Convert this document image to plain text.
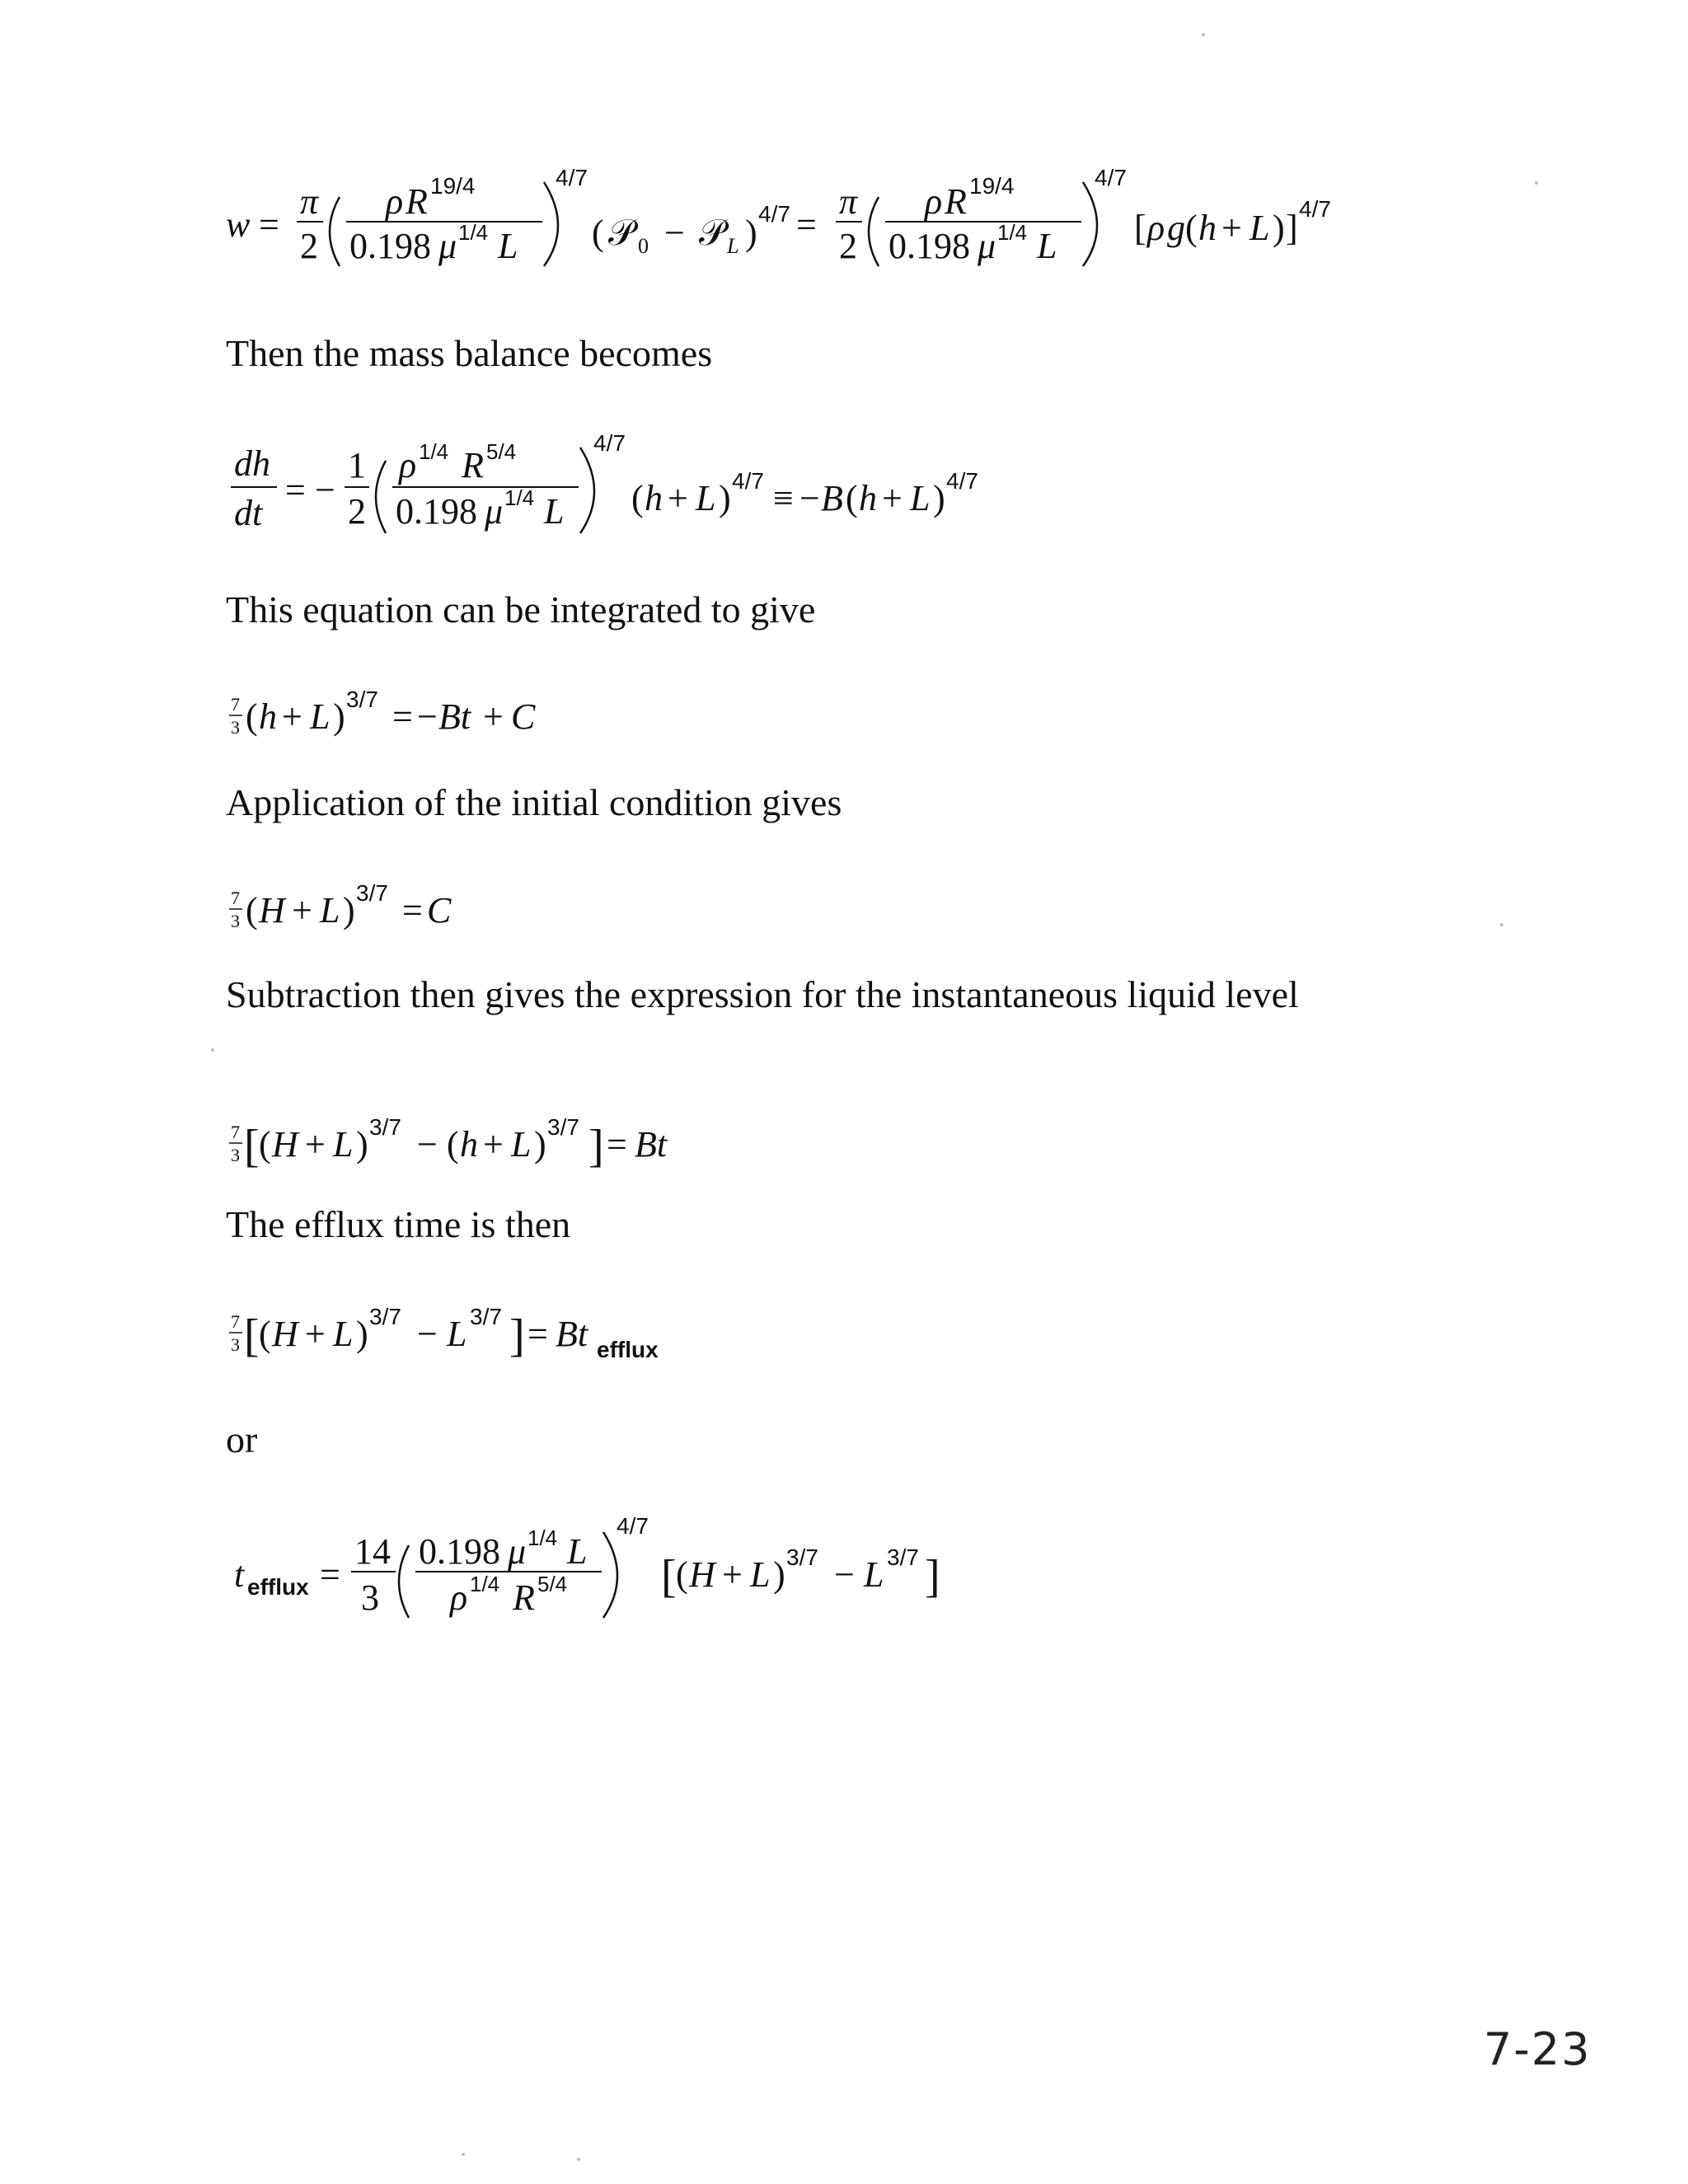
w =
π
2
ρ R 19/4
0.198 μ 1/4 L
4/7
( 𝒫 0 − 𝒫 L ) 4/7 =
π
2
ρ R 19/4
0.198 μ 1/4 L
4/7
[ ρ g ( h + L ) ] 4/7
Then the mass balance becomes
dh
dt
= −
1
2
ρ 1/4 R 5/4
0.198 μ 1/4 L
4/7
( h + L ) 4/7 ≡ − B ( h + L ) 4/7
This equation can be integrated to give
7
3 ( h + L ) 3/7 = − Bt + C
Application of the initial condition gives
7
3 ( H + L ) 3/7 = C
Subtraction then gives the expression for the instantaneous liquid level
7
3 [ ( H + L ) 3/7 − ( h + L ) 3/7 ] = Bt
The efflux time is then
7
3 [ ( H + L ) 3/7 − L 3/7 ] = Bt efflux
or
t efflux =
14
3
0.198 μ 1/4 L
ρ 1/4 R 5/4
4/7
[ ( H + L ) 3/7 − L 3/7 ]
7-23
